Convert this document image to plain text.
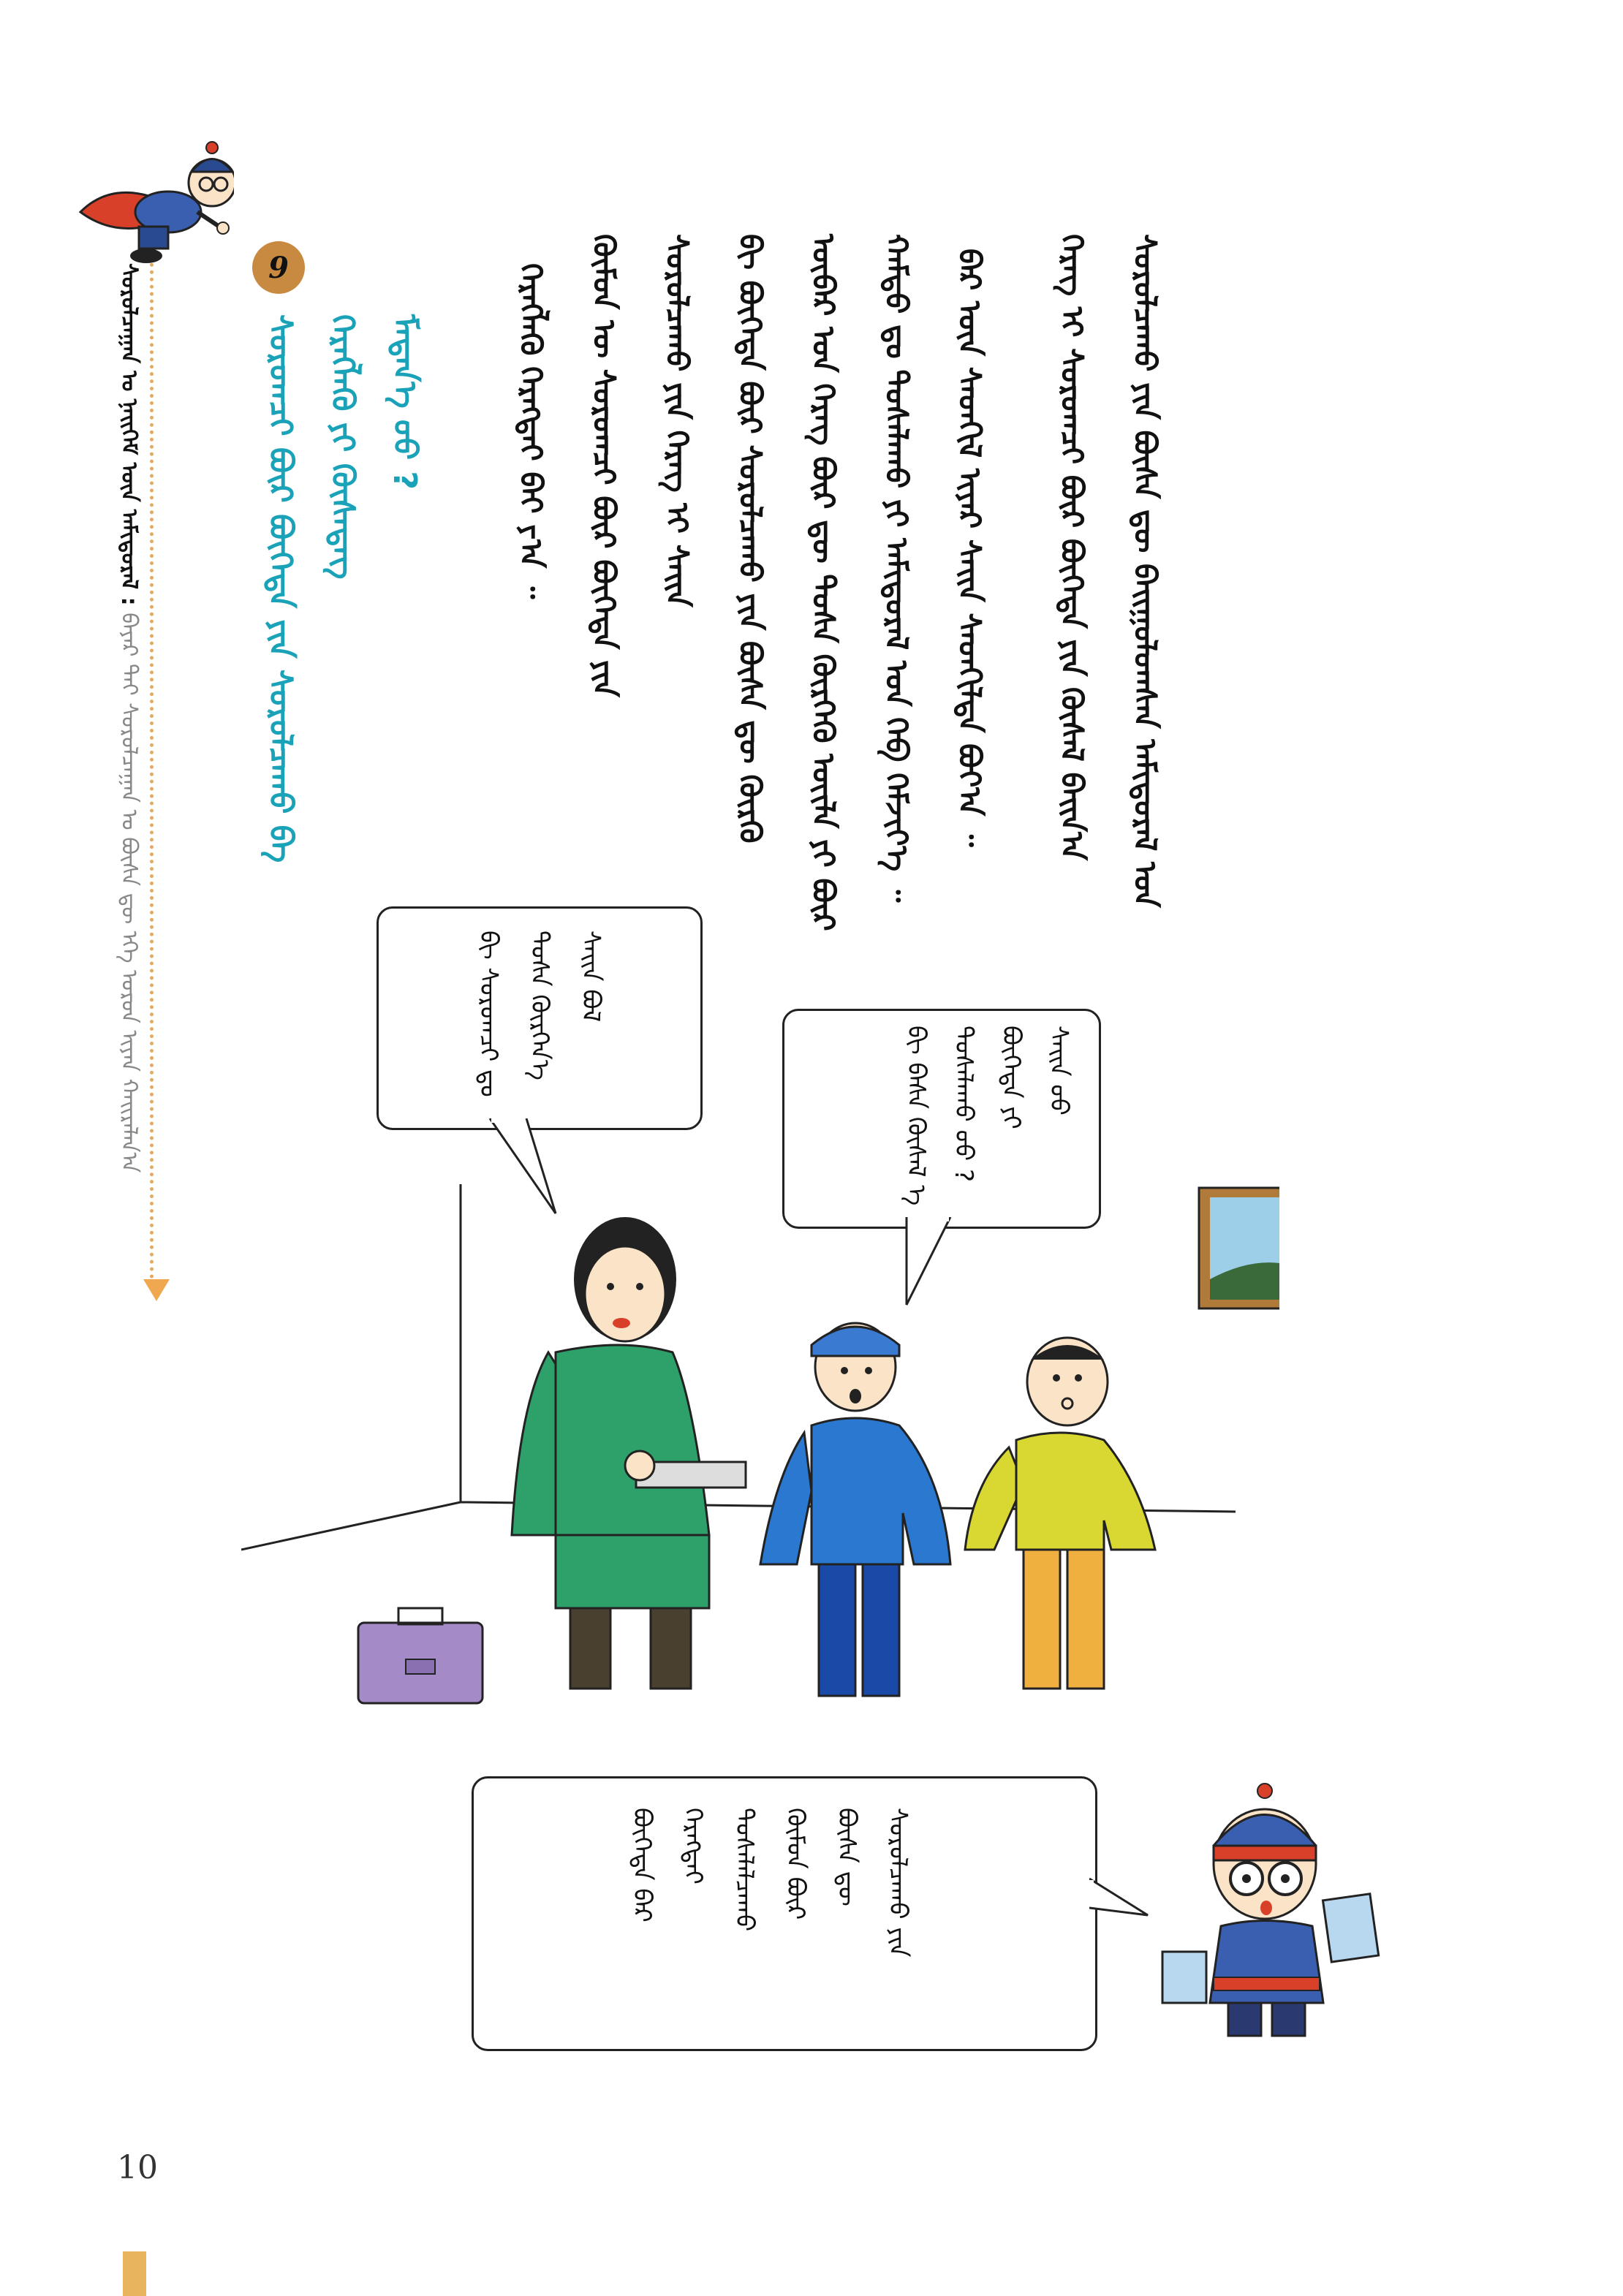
ᠰᠤᠷᠤᠯᠴᠠᠭᠠᠨ ᠤ ᠨᠡᠢᠭᠡᠮ ᠦᠨ ᠠᠮᠢᠳᠤᠷᠠᠯ : ᠪᠠᠶᠠᠷ ᠲᠠᠢ ᠰᠤᠷᠤᠯᠴᠠᠭᠠᠨ ᠤ ᠪᠦᠰᠡ ᠳᠦ ᠡᠬᠡ ᠣᠷᠤᠨ ᠢᠶᠠᠨ ᠬᠠᠢᠷᠠᠯᠠᠨ᠎ᠠ
9
ᠰᠤᠷᠤᠭᠴᠢ ᠪᠦᠷ ᠪᠦᠭᠡᠳᠡ ᠶᠢᠨ ᠰᠤᠷᠤᠯᠴᠠᠬᠤ ᠪᠠ ᠬᠡᠷᠡᠭᠯᠡᠬᠦ ᠶᠢ ᠬᠦᠰᠡᠳᠡᠭ ᠮᠡᠳᠡᠨ᠎ᠡ ᠦᠦ ?	ᠬᠡᠷᠡᠭᠯᠡᠬᠦ ᠬᠡᠷᠡᠭᠲᠡᠢ ᠪᠠᠢ ᠶ᠎ᠠ ᠃ ᠬᠦᠮᠦᠨ ᠦ ᠰᠤᠷᠤᠭᠴᠢ ᠪᠦᠷ ᠪᠦᠭᠡᠳᠡ ᠶᠢᠨ ᠰᠤᠷᠤᠯᠴᠠᠬᠤ ᠶᠢᠨ ᠬᠡᠷᠡᠭ ᠢ ᠰᠠᠢᠨ ᠪᠢ ᠪᠦᠭᠡᠳᠡ ᠪᠦᠷ ᠰᠤᠷᠤᠯᠴᠠᠬᠤ ᠶᠢᠨ ᠪᠦᠰᠡ ᠳᠦ ᠬᠦᠷᠬᠦ ᠦᠪᠡᠷ ᠤᠨ ᠬᠡᠷᠡᠭ ᠪᠦᠷ ᠳᠦ ᠲᠤᠰᠠ ᠬᠦᠷᠭᠡᠬᠦ ᠦᠢᠯᠡ ᠶᠢ ᠪᠦᠷ ᠬᠠᠮᠲᠤ ᠳᠤ ᠲᠤᠰᠠᠯᠠᠬᠤ ᠶᠢ ᠠᠮᠢᠳᠤᠷᠠᠯ ᠤᠨ ᠬᠡᠪ ᠬᠡᠮᠵᠢᠶ᠎ᠡ ᠃ ᠪᠡᠷ ᠦᠨ ᠰᠡᠳᠬᠢᠯ ᠢᠶᠠᠷ ᠰᠠᠢᠨ ᠰᠡᠳᠬᠢᠯᠲᠡ ᠪᠤᠶ᠎ᠠ ᠃ ᠬᠡᠷᠡᠭ ᠢ ᠰᠤᠷᠤᠭᠴᠢ ᠪᠦᠷ ᠪᠦᠭᠡᠳᠡ ᠶᠢᠨ ᠬᠦᠰᠡᠯ ᠪᠠᠢᠨ᠎ᠠ ᠰᠤᠷᠤᠯᠴᠠᠬᠤ ᠶᠢᠨ ᠪᠦᠰᠡ ᠳᠦ ᠪᠠᠢᠭᠤᠯᠤᠭᠰᠠᠨ ᠠᠮᠢᠳᠤᠷᠠᠯ ᠤᠨ
ᠪᠢ ᠰᠤᠷᠤᠭᠴᠢ ᠳᠤ ᠲᠤᠰᠠ ᠬᠦᠷᠭᠡᠨ᠎ᠡ ᠰᠠᠢᠨ ᠪᠤᠯ
ᠪᠢ ᠪᠠᠰᠠ ᠬᠦᠰᠡᠯ ᠡ ᠲᠤᠰᠠᠯᠠᠬᠤ ᠦᠦ ? ᠪᠦᠭᠡᠳᠡ ᠶᠢ ᠰᠠᠢᠨ ᠤᠤ
ᠪᠦᠭᠡᠳᠡ ᠪᠡᠷ ᠬᠡᠷᠡᠭᠲᠡᠢ ᠲᠤᠰᠠᠯᠠᠯᠴᠠᠬᠤ ᠬᠦᠮᠦᠨ ᠪᠦᠷ ᠪᠦᠰᠡ ᠳᠦ ᠰᠤᠷᠤᠯᠴᠠᠬᠤ ᠶᠢᠨ
10
